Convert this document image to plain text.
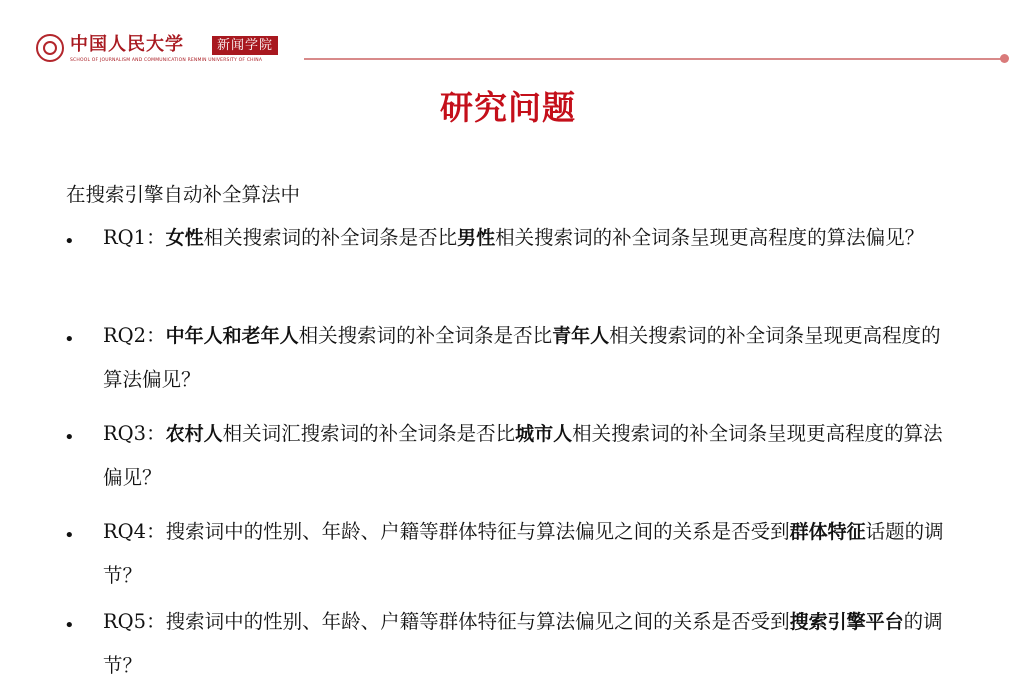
中国人民大学	新闻学院
SCHOOL OF JOURNALISM AND COMMUNICATION RENMIN UNIVERSITY OF CHINA
研究问题

在搜索引擎自动补全算法中

• RQ1：女性相关搜索词的补全词条是否比男性相关搜索词的补全词条呈现更高程度的算法偏见？

• RQ2：中年人和老年人相关搜索词的补全词条是否比青年人相关搜索词的补全词条呈现更高程度的算法偏见？

• RQ3：农村人相关词汇搜索词的补全词条是否比城市人相关搜索词的补全词条呈现更高程度的算法偏见？

• RQ4：搜索词中的性别、年龄、户籍等群体特征与算法偏见之间的关系是否受到群体特征话题的调节？

• RQ5：搜索词中的性别、年龄、户籍等群体特征与算法偏见之间的关系是否受到搜索引擎平台的调节？
